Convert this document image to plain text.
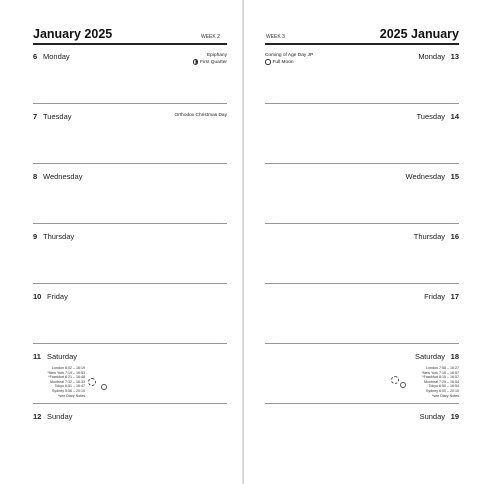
January 2025	WEEK 2
6 Monday	Epiphany
First Quarter
7 Tuesday	Orthodox Christmas Day
8 Wednesday
9 Thursday
10 Friday
11 Saturday
London 8:02 – 16:19
*New York 7:19 – 16:53
*Frankfurt 8:21 – 16:48
Montreal 7:32 – 16:33
Tokyo 6:51 – 16:47
Sydney 5:56 – 20:10
*see Diary Notes
12 Sunday
2025 January
WEEK 3
Monday 13
Coming of Age Day JP
Full Moon
Tuesday 14
Wednesday 15
Thursday 16
Friday 17
Saturday 18
London 7:58 – 16:27
*New York 7:16 – 16:57
*Frankfurt 8:15 – 16:57
Montreal 7:29 – 16:54
Tokyo 6:50 – 16:54
Sydney 6:00 – 20:10
*see Diary Notes
Sunday 19
